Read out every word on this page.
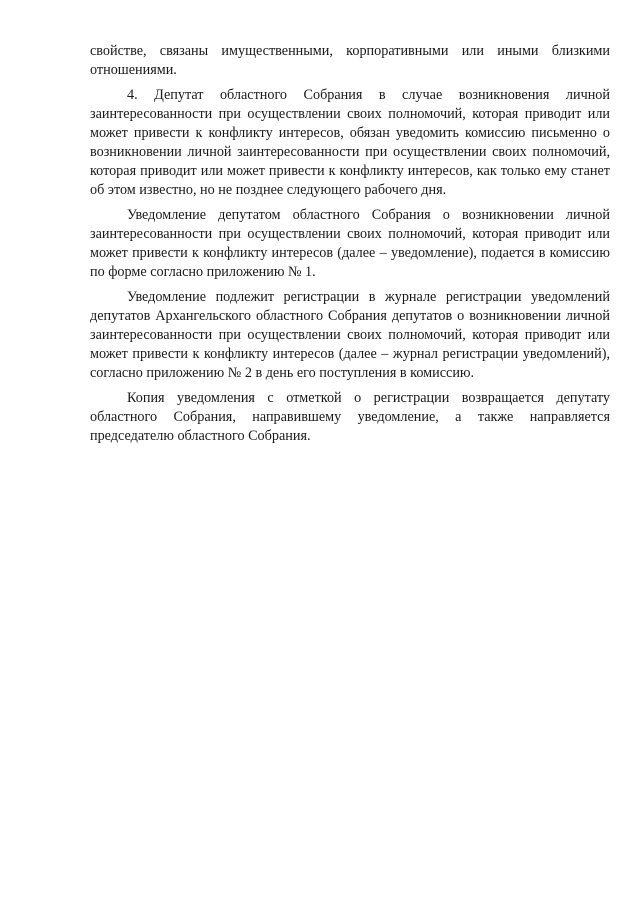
свойстве, связаны имущественными, корпоративными или иными близкими отношениями.

4. Депутат областного Собрания в случае возникновения личной заинтересованности при осуществлении своих полномочий, которая приводит или может привести к конфликту интересов, обязан уведомить комиссию письменно о возникновении личной заинтересованности при осуществлении своих полномочий, которая приводит или может привести к конфликту интересов, как только ему станет об этом известно, но не позднее следующего рабочего дня.

Уведомление депутатом областного Собрания о возникновении личной заинтересованности при осуществлении своих полномочий, которая приводит или может привести к конфликту интересов (далее – уведомление), подается в комиссию по форме согласно приложению № 1.

Уведомление подлежит регистрации в журнале регистрации уведомлений депутатов Архангельского областного Собрания депутатов о возникновении личной заинтересованности при осуществлении своих полномочий, которая приводит или может привести к конфликту интересов (далее – журнал регистрации уведомлений), согласно приложению № 2 в день его поступления в комиссию.

Копия уведомления с отметкой о регистрации возвращается депутату областного Собрания, направившему уведомление, а также направляется председателю областного Собрания.
